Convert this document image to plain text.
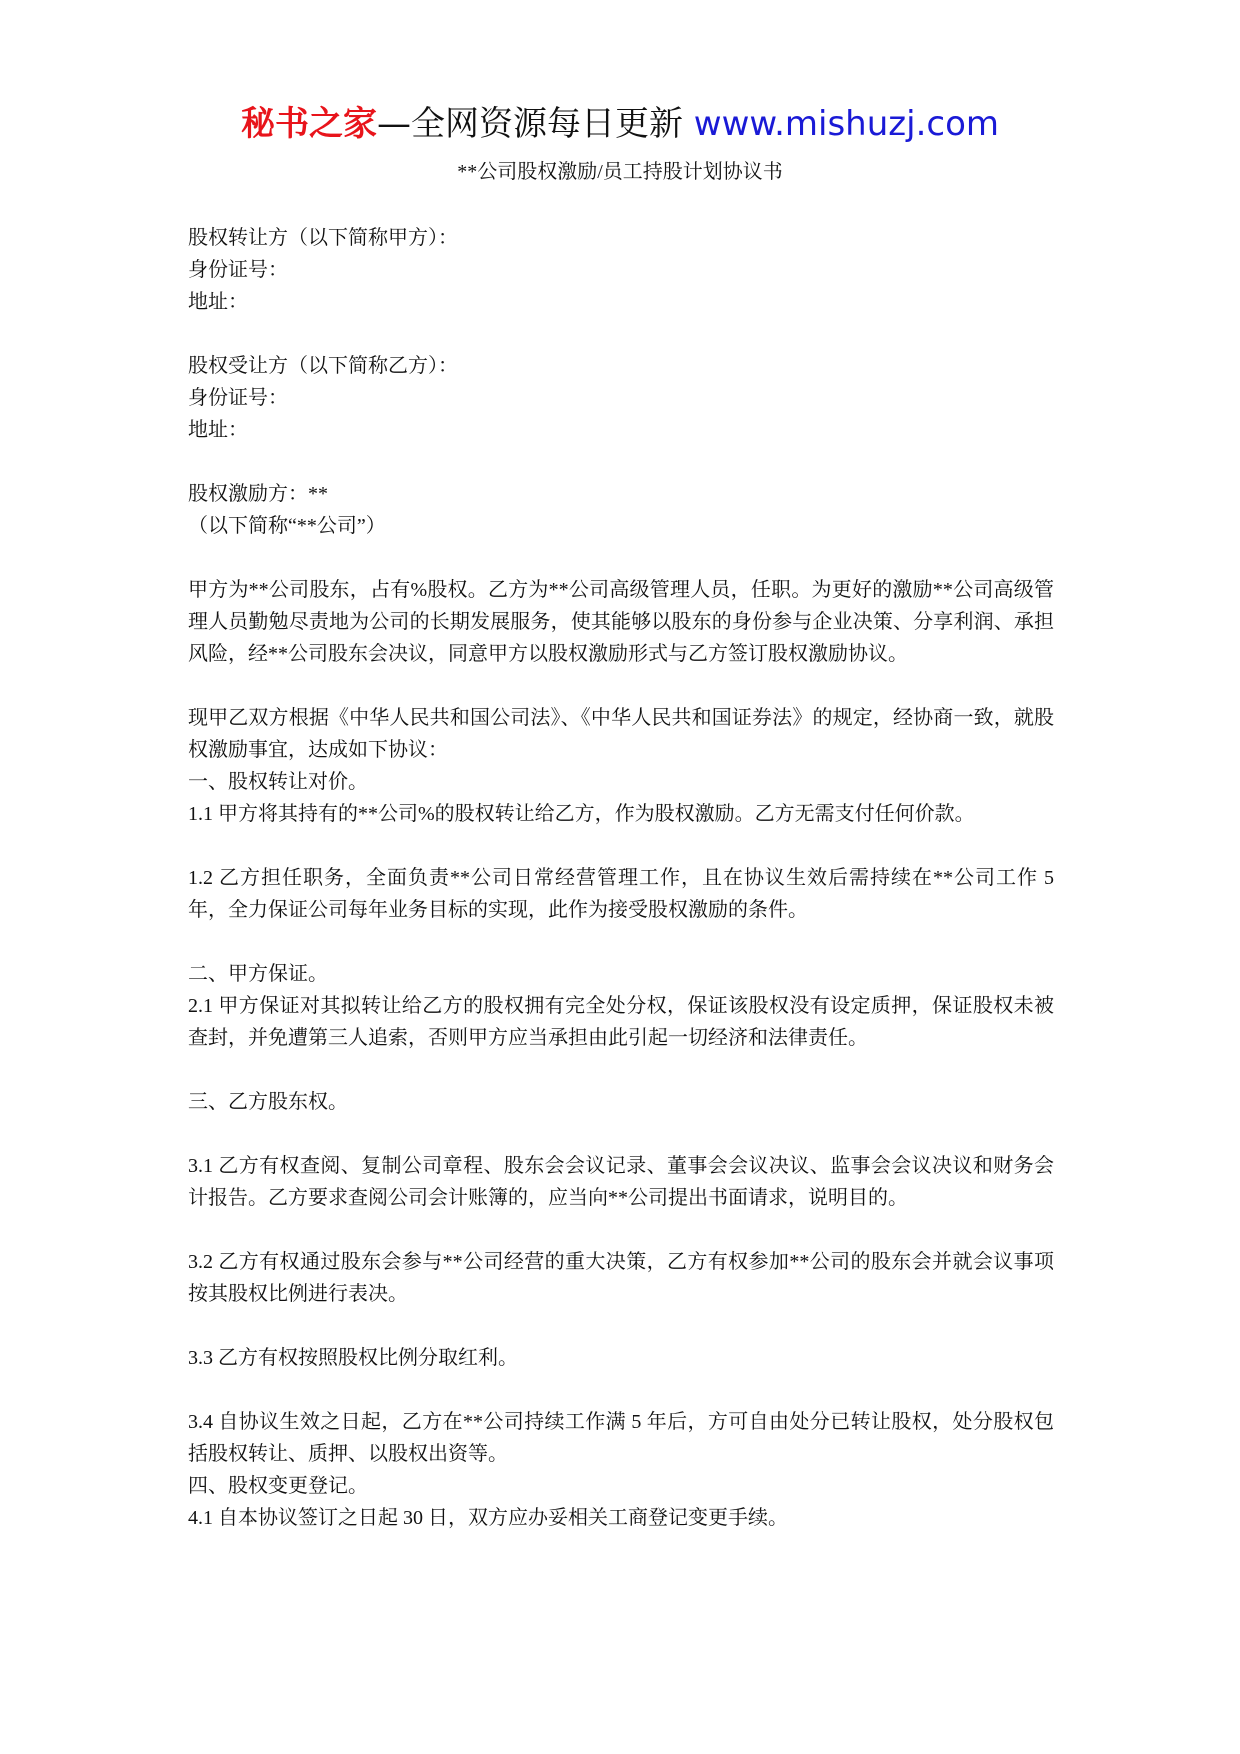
秘书之家—全网资源每日更新 www.mishuzj.com
**公司股权激励/员工持股计划协议书

股权转让方（以下简称甲方）：

身份证号：

地址：

股权受让方（以下简称乙方）：

身份证号：

地址：

股权激励方：**

（以下简称“**公司”）

甲方为**公司股东，占有%股权。乙方为**公司高级管理人员，任职。为更好的激励**公司高级管理人员勤勉尽责地为公司的长期发展服务，使其能够以股东的身份参与企业决策、分享利润、承担风险，经**公司股东会决议，同意甲方以股权激励形式与乙方签订股权激励协议。

现甲乙双方根据《中华人民共和国公司法》、《中华人民共和国证券法》的规定，经协商一致，就股权激励事宜，达成如下协议：

一、股权转让对价。

1.1 甲方将其持有的**公司%的股权转让给乙方，作为股权激励。乙方无需支付任何价款。

1.2 乙方担任职务，全面负责**公司日常经营管理工作，且在协议生效后需持续在**公司工作 5 年，全力保证公司每年业务目标的实现，此作为接受股权激励的条件。

二、甲方保证。

2.1 甲方保证对其拟转让给乙方的股权拥有完全处分权，保证该股权没有设定质押，保证股权未被查封，并免遭第三人追索，否则甲方应当承担由此引起一切经济和法律责任。

三、乙方股东权。

3.1 乙方有权查阅、复制公司章程、股东会会议记录、董事会会议决议、监事会会议决议和财务会计报告。乙方要求查阅公司会计账簿的，应当向**公司提出书面请求，说明目的。

3.2 乙方有权通过股东会参与**公司经营的重大决策，乙方有权参加**公司的股东会并就会议事项按其股权比例进行表决。

3.3 乙方有权按照股权比例分取红利。

3.4 自协议生效之日起，乙方在**公司持续工作满 5 年后，方可自由处分已转让股权，处分股权包括股权转让、质押、以股权出资等。

四、股权变更登记。

4.1 自本协议签订之日起 30 日，双方应办妥相关工商登记变更手续。
